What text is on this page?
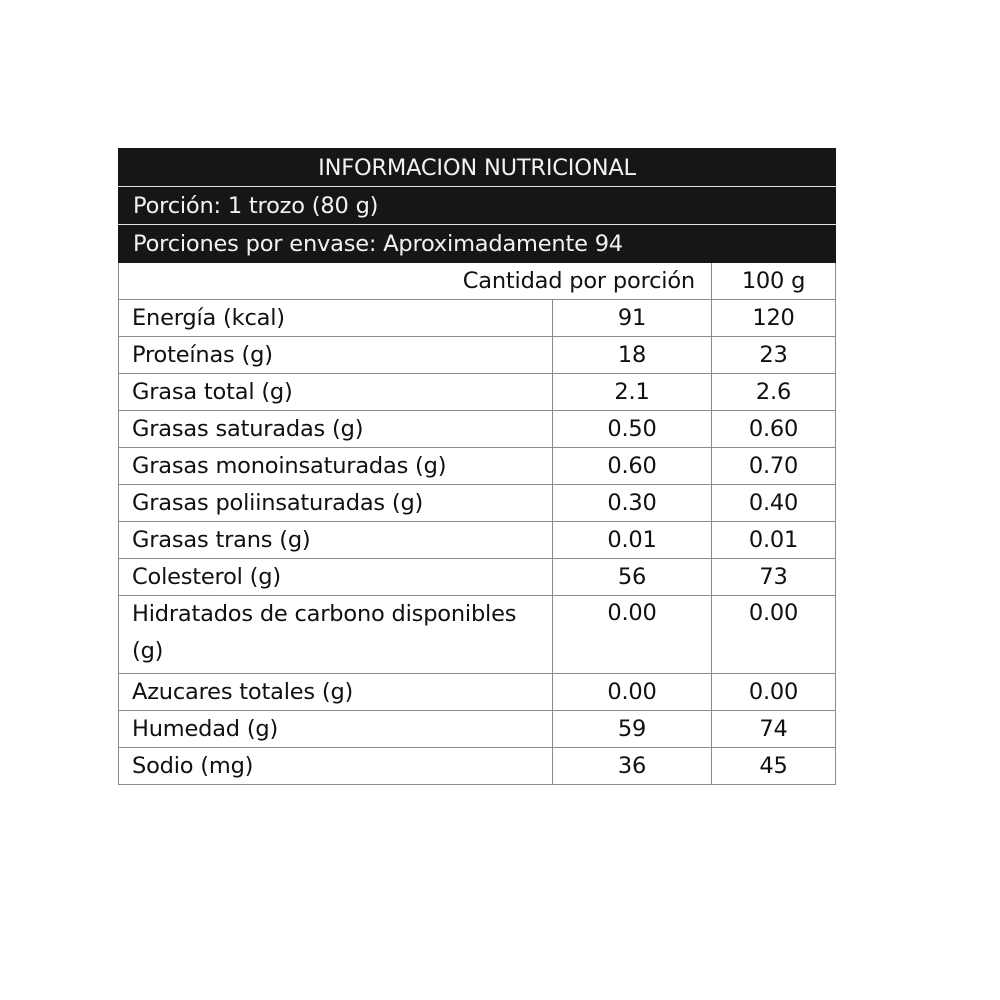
INFORMACION NUTRICIONAL		
Porción: 1 trozo (80 g)		
Porciones por envase: Aproximadamente 94		
Cantidad por porción		100 g
Energía (kcal)	91	120
Proteínas (g)	18	23
Grasa total (g)	2.1	2.6
Grasas saturadas (g)	0.50	0.60
Grasas monoinsaturadas (g)	0.60	0.70
Grasas poliinsaturadas (g)	0.30	0.40
Grasas trans (g)	0.01	0.01
Colesterol (g)	56	73
Hidratados de carbono disponibles (g)	0.00	0.00
Azucares totales (g)	0.00	0.00
Humedad (g)	59	74
Sodio (mg)	36	45
